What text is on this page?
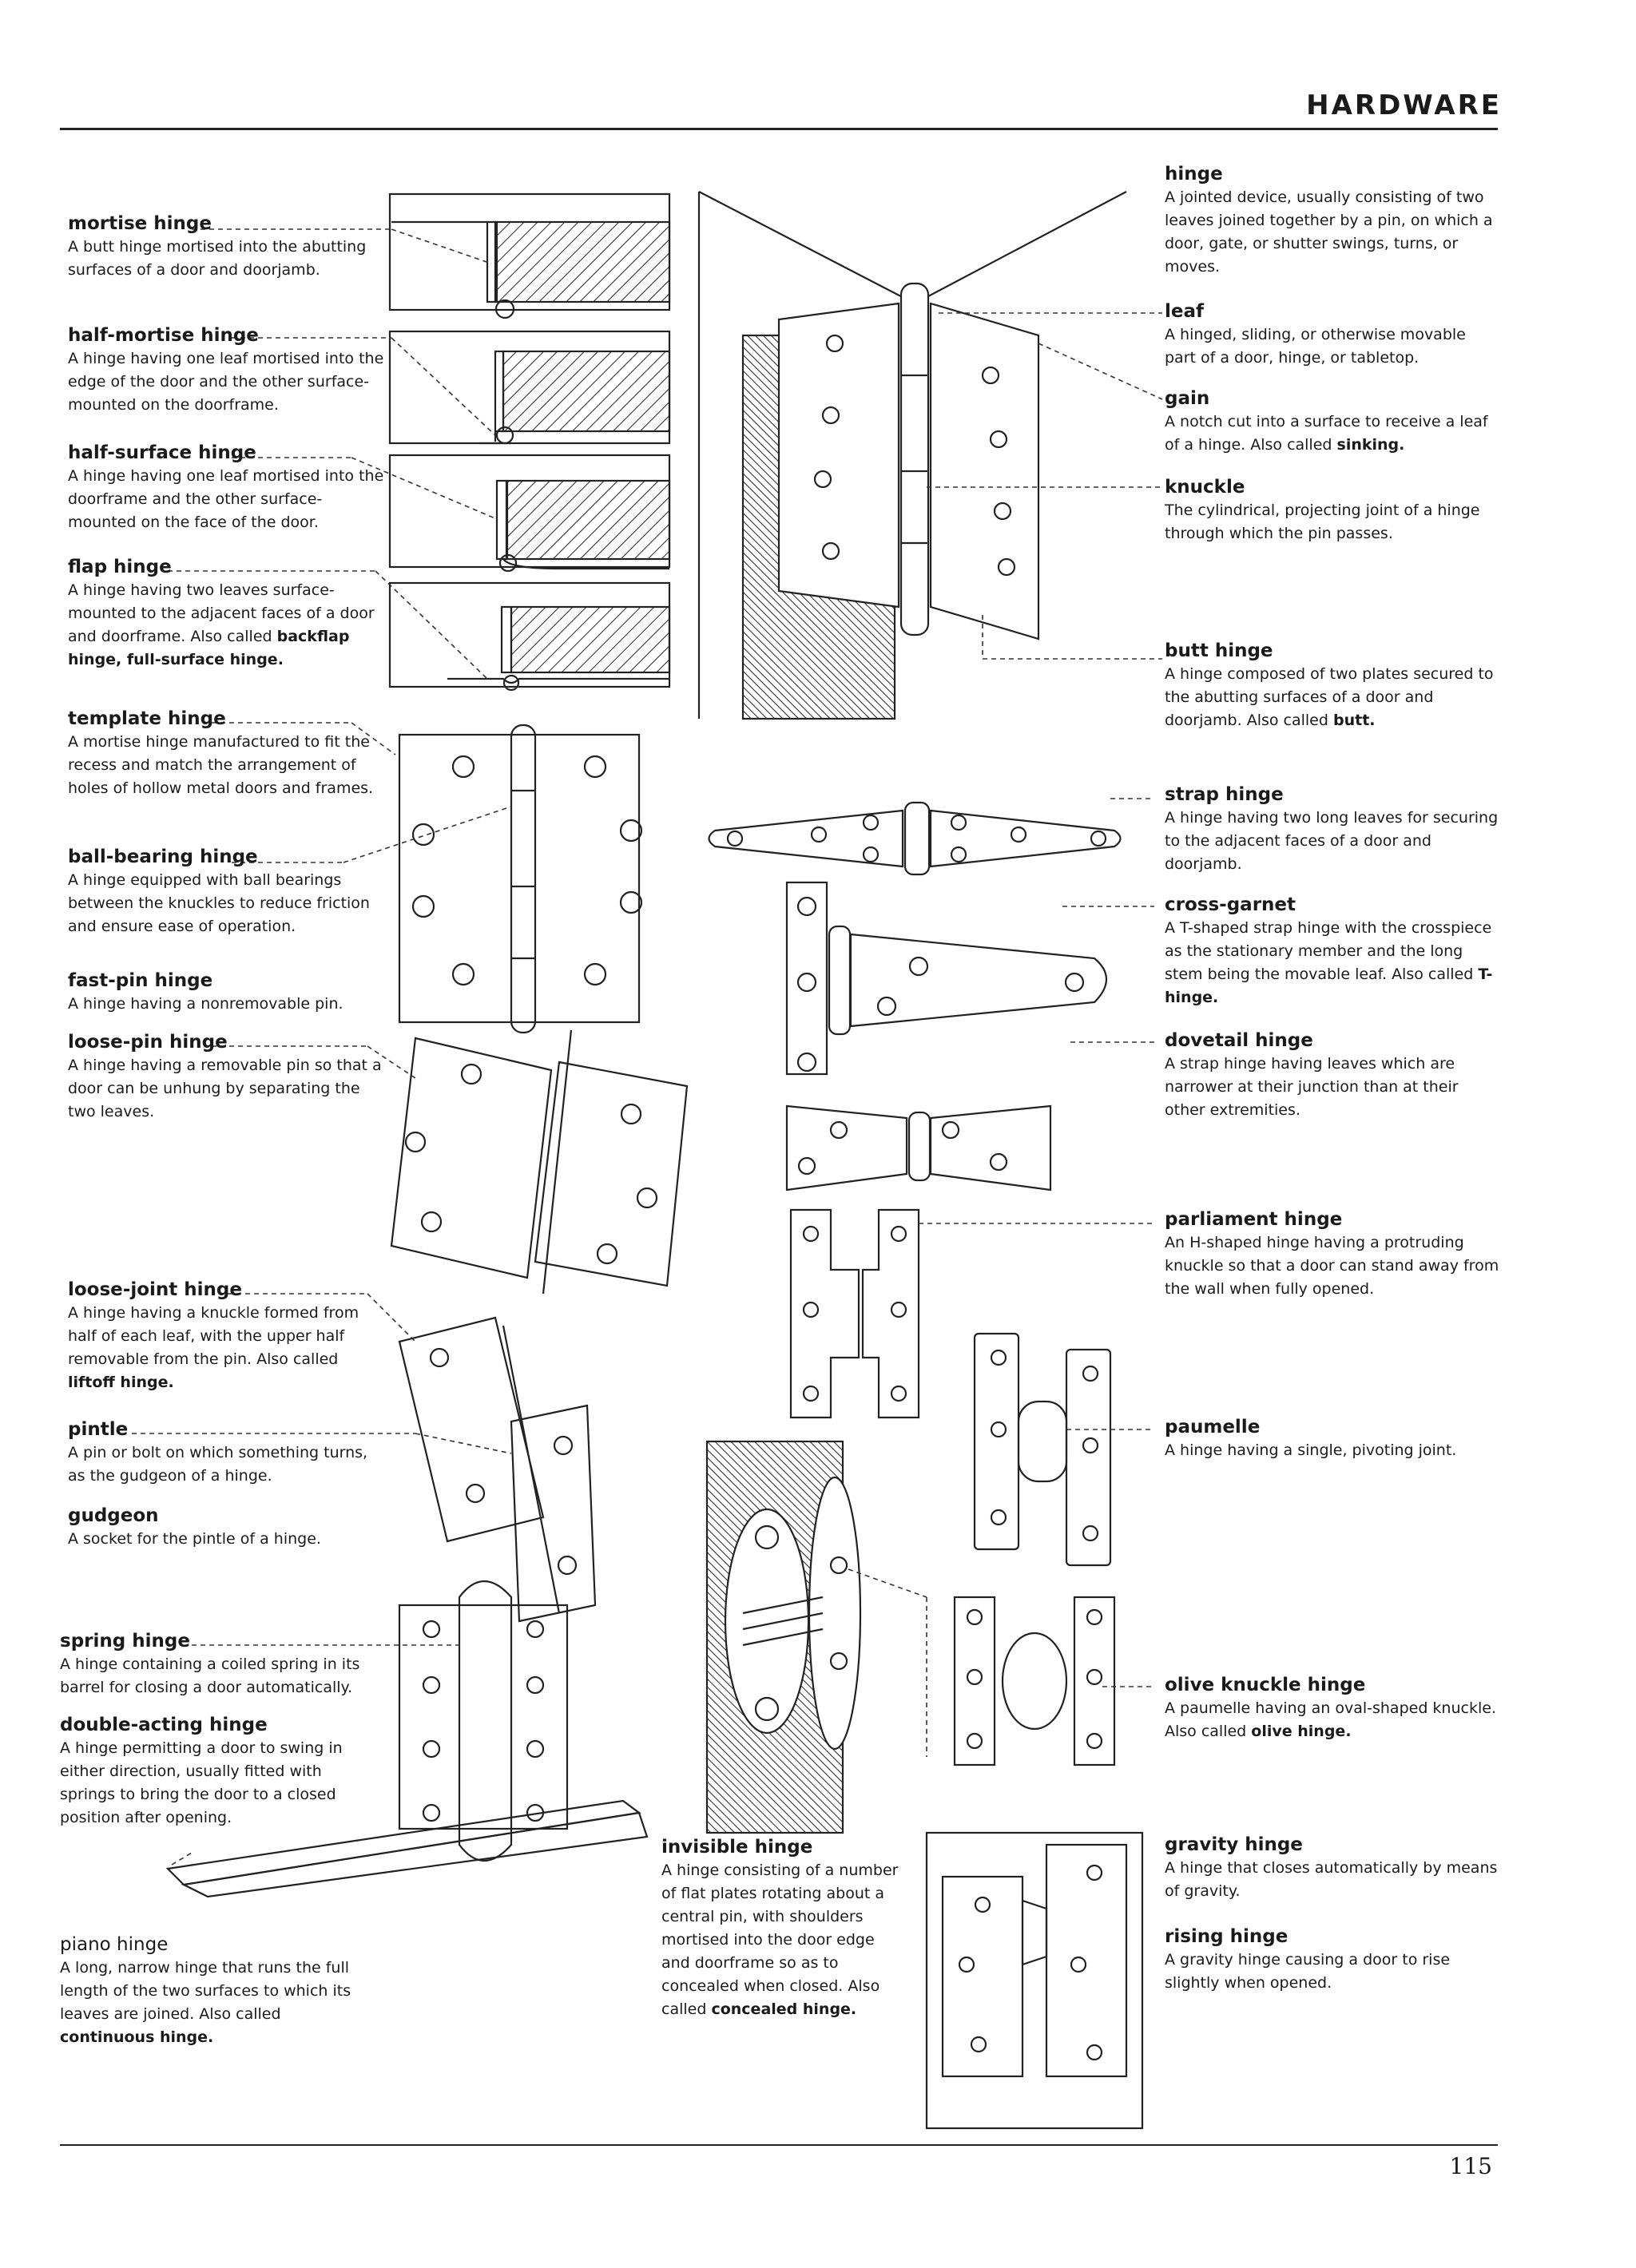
HARDWARE
mortise hinge
A butt hinge mortised into the abutting surfaces of a door and doorjamb.
half-mortise hinge
A hinge having one leaf mortised into the edge of the door and the other surface-mounted on the doorframe.
half-surface hinge
A hinge having one leaf mortised into the doorframe and the other surface-mounted on the face of the door.
flap hinge
A hinge having two leaves surface-mounted to the adjacent faces of a door and doorframe. Also called backflap hinge, full-surface hinge.
template hinge
A mortise hinge manufactured to fit the recess and match the arrangement of holes of hollow metal doors and frames.
ball-bearing hinge
A hinge equipped with ball bearings between the knuckles to reduce friction and ensure ease of operation.
fast-pin hinge
A hinge having a nonremovable pin.
loose-pin hinge
A hinge having a removable pin so that a door can be unhung by separating the two leaves.
loose-joint hinge
A hinge having a knuckle formed from half of each leaf, with the upper half removable from the pin. Also called liftoff hinge.
pintle
A pin or bolt on which something turns, as the gudgeon of a hinge.
gudgeon
A socket for the pintle of a hinge.
spring hinge
A hinge containing a coiled spring in its barrel for closing a door automatically.
double-acting hinge
A hinge permitting a door to swing in either direction, usually fitted with springs to bring the door to a closed position after opening.
piano hinge
A long, narrow hinge that runs the full length of the two surfaces to which its leaves are joined. Also called continuous hinge.
invisible hinge
A hinge consisting of a number of flat plates rotating about a central pin, with shoulders mortised into the door edge and doorframe so as to concealed when closed. Also called concealed hinge.
hinge
A jointed device, usually consisting of two leaves joined together by a pin, on which a door, gate, or shutter swings, turns, or moves.
leaf
A hinged, sliding, or otherwise movable part of a door, hinge, or tabletop.
gain
A notch cut into a surface to receive a leaf of a hinge. Also called sinking.
knuckle
The cylindrical, projecting joint of a hinge through which the pin passes.
butt hinge
A hinge composed of two plates secured to the abutting surfaces of a door and doorjamb. Also called butt.
strap hinge
A hinge having two long leaves for securing to the adjacent faces of a door and doorjamb.
cross-garnet
A T-shaped strap hinge with the crosspiece as the stationary member and the long stem being the movable leaf. Also called T-hinge.
dovetail hinge
A strap hinge having leaves which are narrower at their junction than at their other extremities.
parliament hinge
An H-shaped hinge having a protruding knuckle so that a door can stand away from the wall when fully opened.
paumelle
A hinge having a single, pivoting joint.
olive knuckle hinge
A paumelle having an oval-shaped knuckle. Also called olive hinge.
gravity hinge
A hinge that closes automatically by means of gravity.
rising hinge
A gravity hinge causing a door to rise slightly when opened.
115
